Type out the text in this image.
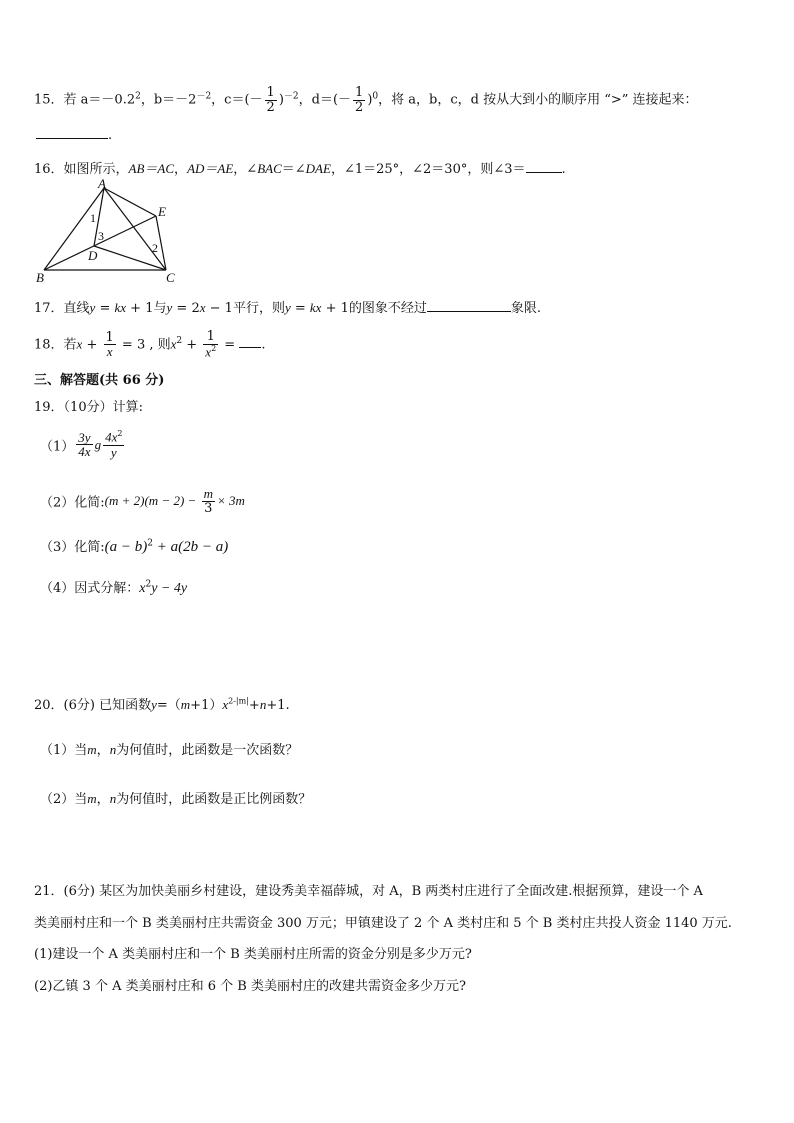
15．若 $a=-0.2^2$，$b=-2^{-2}$，$c=(- \frac{1}{2} )^{-2}$，$d=(- \frac{1}{2} )^0$，将 a，b，c，d 按从大到小的顺序用 “>” 连接起来：
.
16．如图所示，AB＝AC，AD＝AE，∠BAC＝∠DAE，∠1＝25°，∠2＝30°，则∠3＝	.
A
B	C
D
E
1
2
3
17．直线y = kx + 1与y = 2x − 1平行，则y = kx + 1的图象不经过	象限.
18．若$x + \frac{1}{x} = 3$ , 则$x^2 + \frac{1}{x^2}$ = .
三、解答题(共 66 分)
19．（10分）计算:
$(1) \frac{3y}{4x}$ g $\frac{4x^2}{y}$
（2）化简:(m + $2)(m - 2) - \frac{m}{3} \times 3m$
（3）化简:(a − b)$^2$ + a(2b − a)
（4）因式分解：$x^2y - 4y$
20．(6分) 已知函数$y=(m+1)x^{2-|m|}+n+1$.
（1）当m，n为何值时，此函数是一次函数？
（2）当m，n为何值时，此函数是正比例函数？
21．(6分) 某区为加快美丽乡村建设，建设秀美幸福薛城，对 A，B 两类村庄进行了全面改建.根据预算，建设一个 A
类美丽村庄和一个 B 类美丽村庄共需资金 300 万元；甲镇建设了 2 个 A 类村庄和 5 个 B 类村庄共投人资金 1140 万元.
(1)建设一个 A 类美丽村庄和一个 B 类美丽村庄所需的资金分别是多少万元?
(2)乙镇 3 个 A 类美丽村庄和 6 个 B 类美丽村庄的改建共需资金多少万元?
